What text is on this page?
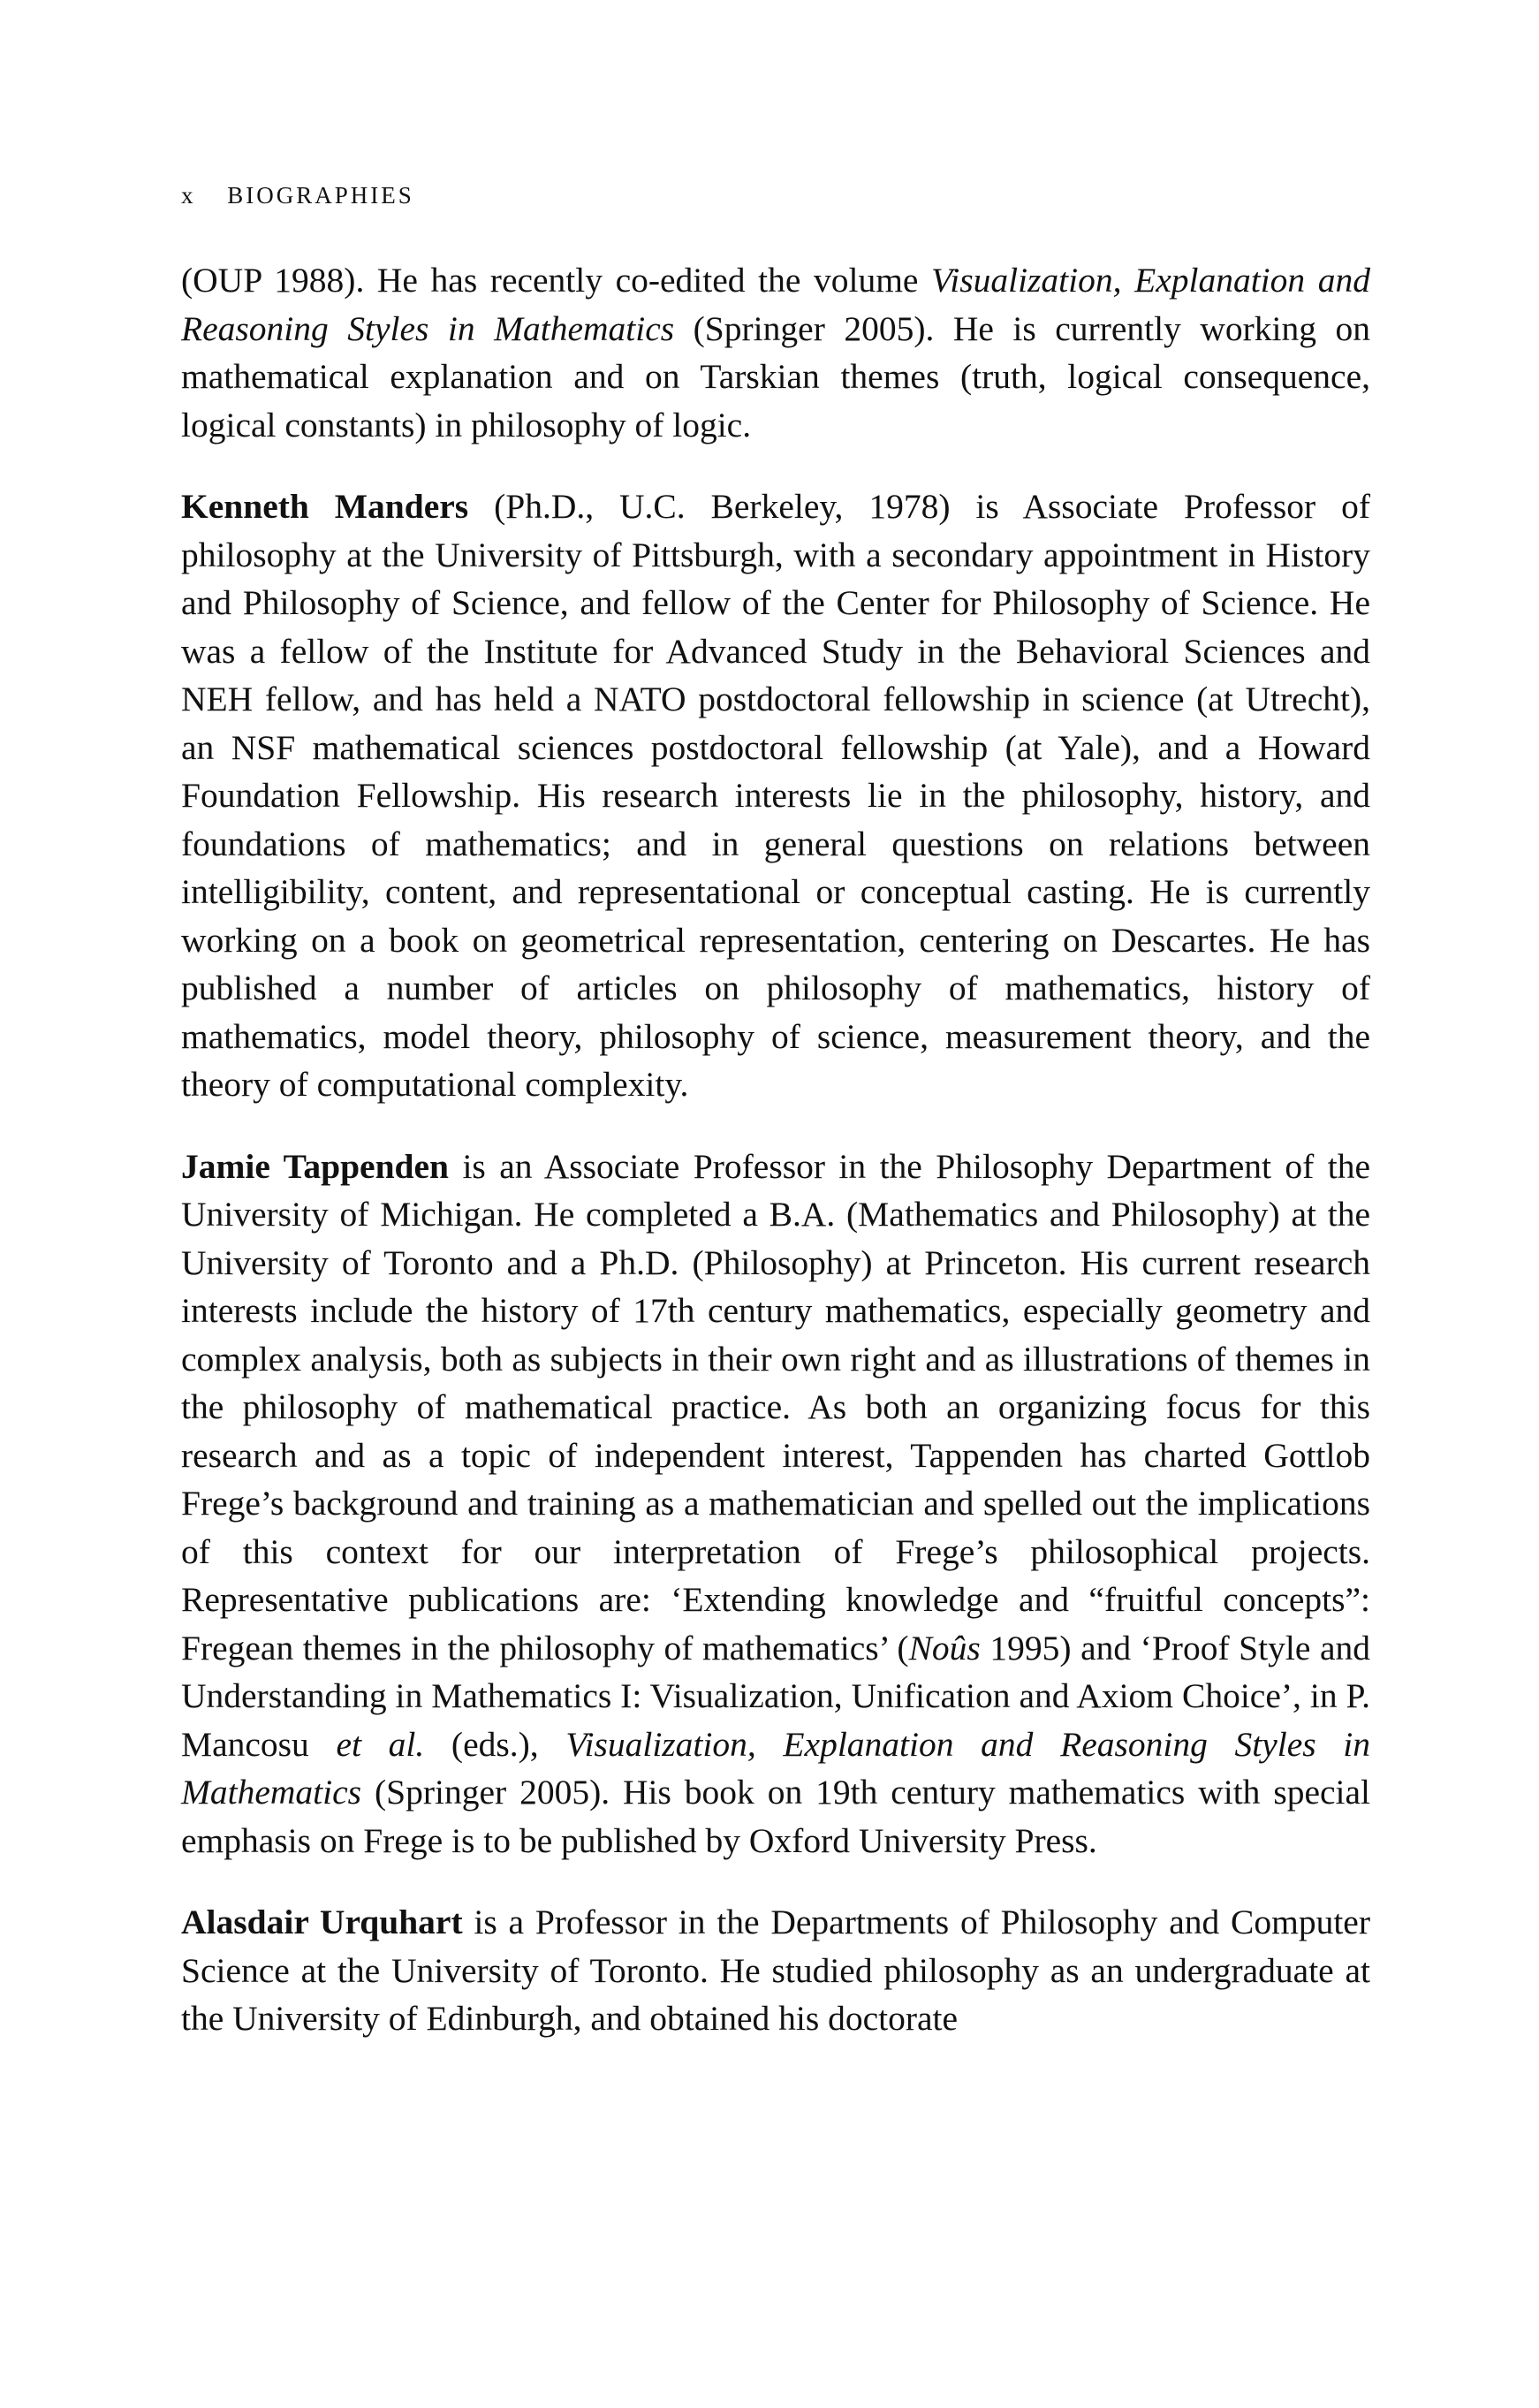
x BIOGRAPHIES

(OUP 1988). He has recently co-edited the volume Visualization, Explanation and Reasoning Styles in Mathematics (Springer 2005). He is currently working on mathematical explanation and on Tarskian themes (truth, logical consequence, logical constants) in philosophy of logic.

Kenneth Manders (Ph.D., U.C. Berkeley, 1978) is Associate Professor of philosophy at the University of Pittsburgh, with a secondary appointment in History and Philosophy of Science, and fellow of the Center for Philosophy of Science. He was a fellow of the Institute for Advanced Study in the Behavioral Sciences and NEH fellow, and has held a NATO postdoctoral fellowship in science (at Utrecht), an NSF mathematical sciences postdoctoral fellowship (at Yale), and a Howard Foundation Fellowship. His research interests lie in the philosophy, history, and foundations of mathematics; and in general questions on relations between intelligibility, content, and representational or conceptual casting. He is currently working on a book on geometrical representation, centering on Descartes. He has published a number of articles on philosophy of mathematics, history of mathematics, model theory, philosophy of science, measurement theory, and the theory of computational complexity.

Jamie Tappenden is an Associate Professor in the Philosophy Department of the University of Michigan. He completed a B.A. (Mathematics and Philosophy) at the University of Toronto and a Ph.D. (Philosophy) at Princeton. His current research interests include the history of 17th century mathematics, especially geometry and complex analysis, both as subjects in their own right and as illustrations of themes in the philosophy of mathematical practice. As both an organizing focus for this research and as a topic of independent interest, Tappenden has charted Gottlob Frege’s background and training as a mathematician and spelled out the implications of this context for our interpretation of Frege’s philosophical projects. Representative publications are: ‘Extending knowledge and “fruitful concepts”: Fregean themes in the philosophy of mathematics’ (Noûs 1995) and ‘Proof Style and Understanding in Mathematics I: Visualization, Unification and Axiom Choice’, in P. Mancosu et al. (eds.), Visualization, Explanation and Reasoning Styles in Mathematics (Springer 2005). His book on 19th century mathematics with special emphasis on Frege is to be published by Oxford University Press.

Alasdair Urquhart is a Professor in the Departments of Philosophy and Computer Science at the University of Toronto. He studied philosophy as an undergraduate at the University of Edinburgh, and obtained his doctorate
